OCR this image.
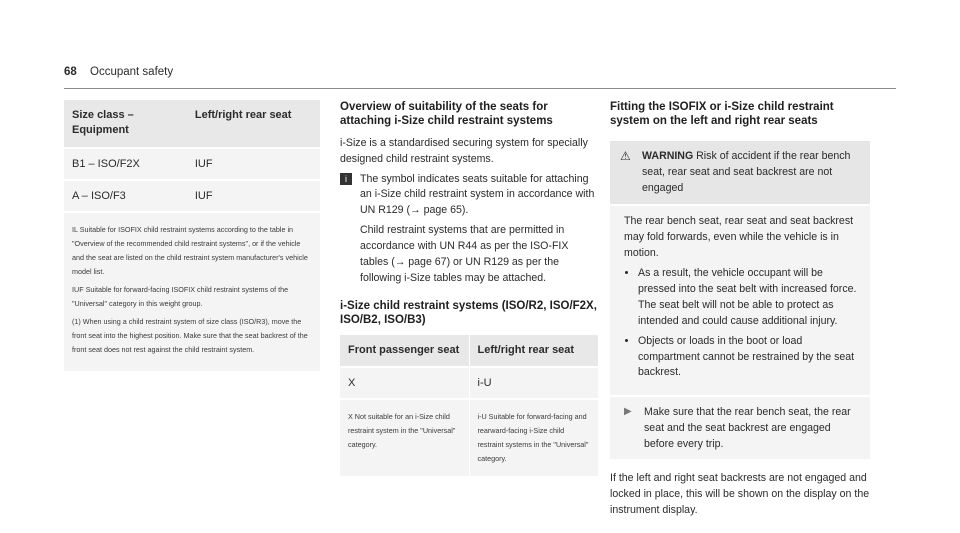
68 Occupant safety
Size class – Equipment	Left/right rear seat
B1 – ISO/F2X	IUF
A – ISO/F3	IUF

IL Suitable for ISOFIX child restraint systems according to the table in "Overview of the recommended child restraint systems", or if the vehicle and the seat are listed on the child restraint system manufacturer's vehicle model list.

IUF Suitable for forward-facing ISOFIX child restraint systems of the "Universal" category in this weight group.

(1) When using a child restraint system of size class (ISO/R3), move the front seat into the highest position. Make sure that the seat backrest of the front seat does not rest against the child restraint system.	

Overview of suitability of the seats for attaching i-Size child restraint systems

i-Size is a standardised securing system for specially designed child restraint systems.

i	The symbol indicates seats suitable for attaching an i-Size child restraint system in accordance with UN R129 (→ page 65).

Child restraint systems that are permitted in accordance with UN R44 as per the ISO-FIX tables (→ page 67) or UN R129 as per the following i-Size tables may be attached.

i-Size child restraint systems (ISO/R2, ISO/F2X, ISO/B2, ISO/B3)
Front passenger seat	Left/right rear seat
X	i-U
X Not suitable for an i-Size child restraint system in the "Universal" category.	i-U Suitable for forward-facing and rearward-facing i-Size child restraint systems in the "Universal" category.
Fitting the ISOFIX or i-Size child restraint system on the left and right rear seats
⚠ WARNING Risk of accident if the rear bench seat, rear seat and seat backrest are not engaged

The rear bench seat, rear seat and seat backrest may fold forwards, even while the vehicle is in motion.

• As a result, the vehicle occupant will be pressed into the seat belt with increased force. The seat belt will not be able to protect as intended and could cause additional injury.
• Objects or loads in the boot or load compartment cannot be restrained by the seat backrest.
▶ Make sure that the rear bench seat, the rear seat and the seat backrest are engaged before every trip.

If the left and right seat backrests are not engaged and locked in place, this will be shown on the display on the instrument display.
